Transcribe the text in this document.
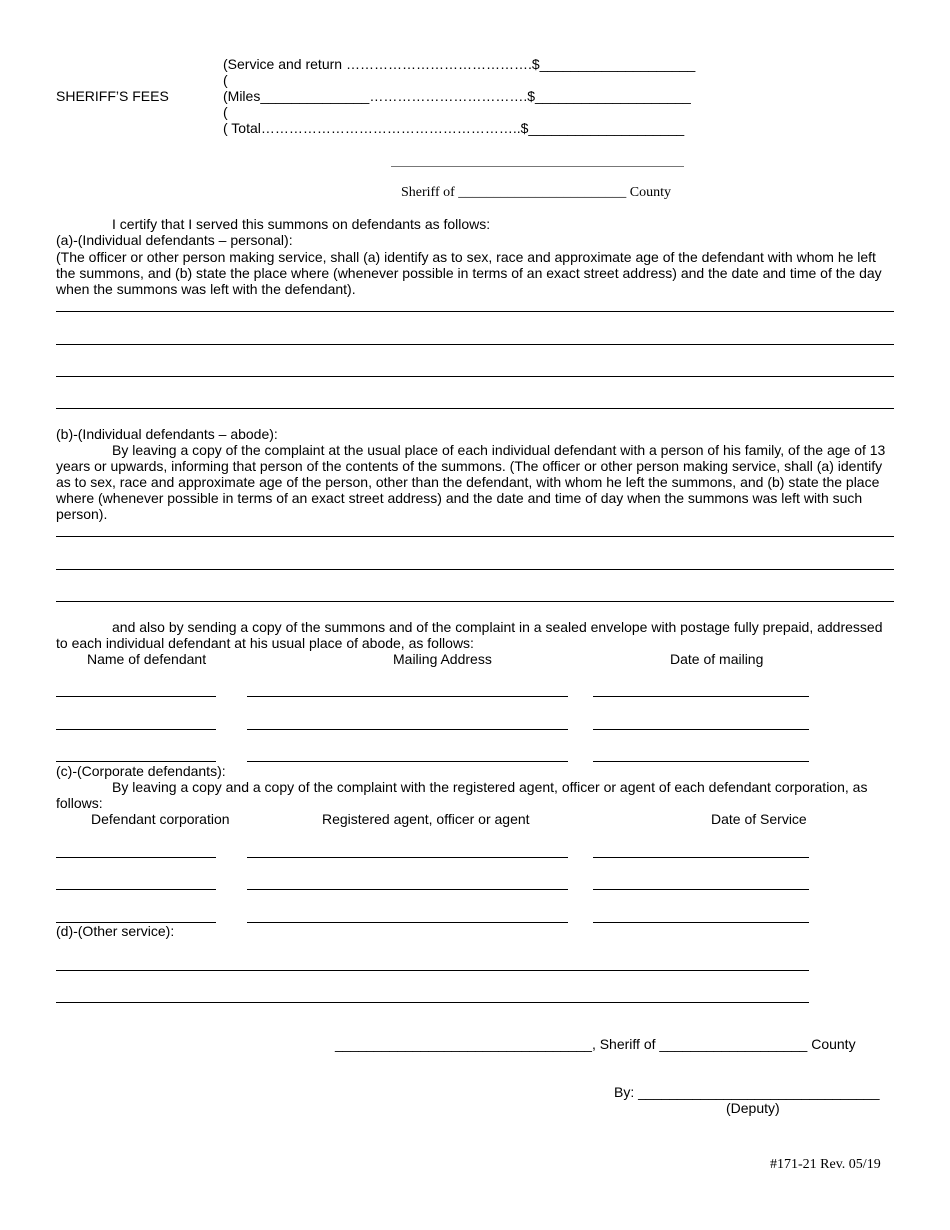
SHERIFF’S FEES
(Service and return ………………………………….$____________________
(
(Miles______________…………………………….$____________________
(
( Total………………………………………………..$____________________
Sheriff of ________________________ County
I certify that I served this summons on defendants as follows:
(a)-(Individual defendants – personal):
(The officer or other person making service, shall (a) identify as to sex, race and approximate age of the defendant with whom he left the summons, and (b) state the place where (whenever possible in terms of an exact street address) and the date and time of the day when the summons was left with the defendant).
(b)-(Individual defendants – abode):
By leaving a copy of the complaint at the usual place of each individual defendant with a person of his family, of the age of 13 years or upwards, informing that person of the contents of the summons. (The officer or other person making service, shall (a) identify as to sex, race and approximate age of the person, other than the defendant, with whom he left the summons, and (b) state the place where (whenever possible in terms of an exact street address) and the date and time of day when the summons was left with such person).
and also by sending a copy of the summons and of the complaint in a sealed envelope with postage fully prepaid, addressed to each individual defendant at his usual place of abode, as follows:
Name of defendant	Mailing Address	Date of mailing
(c)-(Corporate defendants):
By leaving a copy and a copy of the complaint with the registered agent, officer or agent of each defendant corporation, as follows:
Defendant corporation	Registered agent, officer or agent	Date of Service
(d)-(Other service):
_________________________________, Sheriff of ___________________ County
By: _______________________________
(Deputy)
#171-21 Rev. 05/19
